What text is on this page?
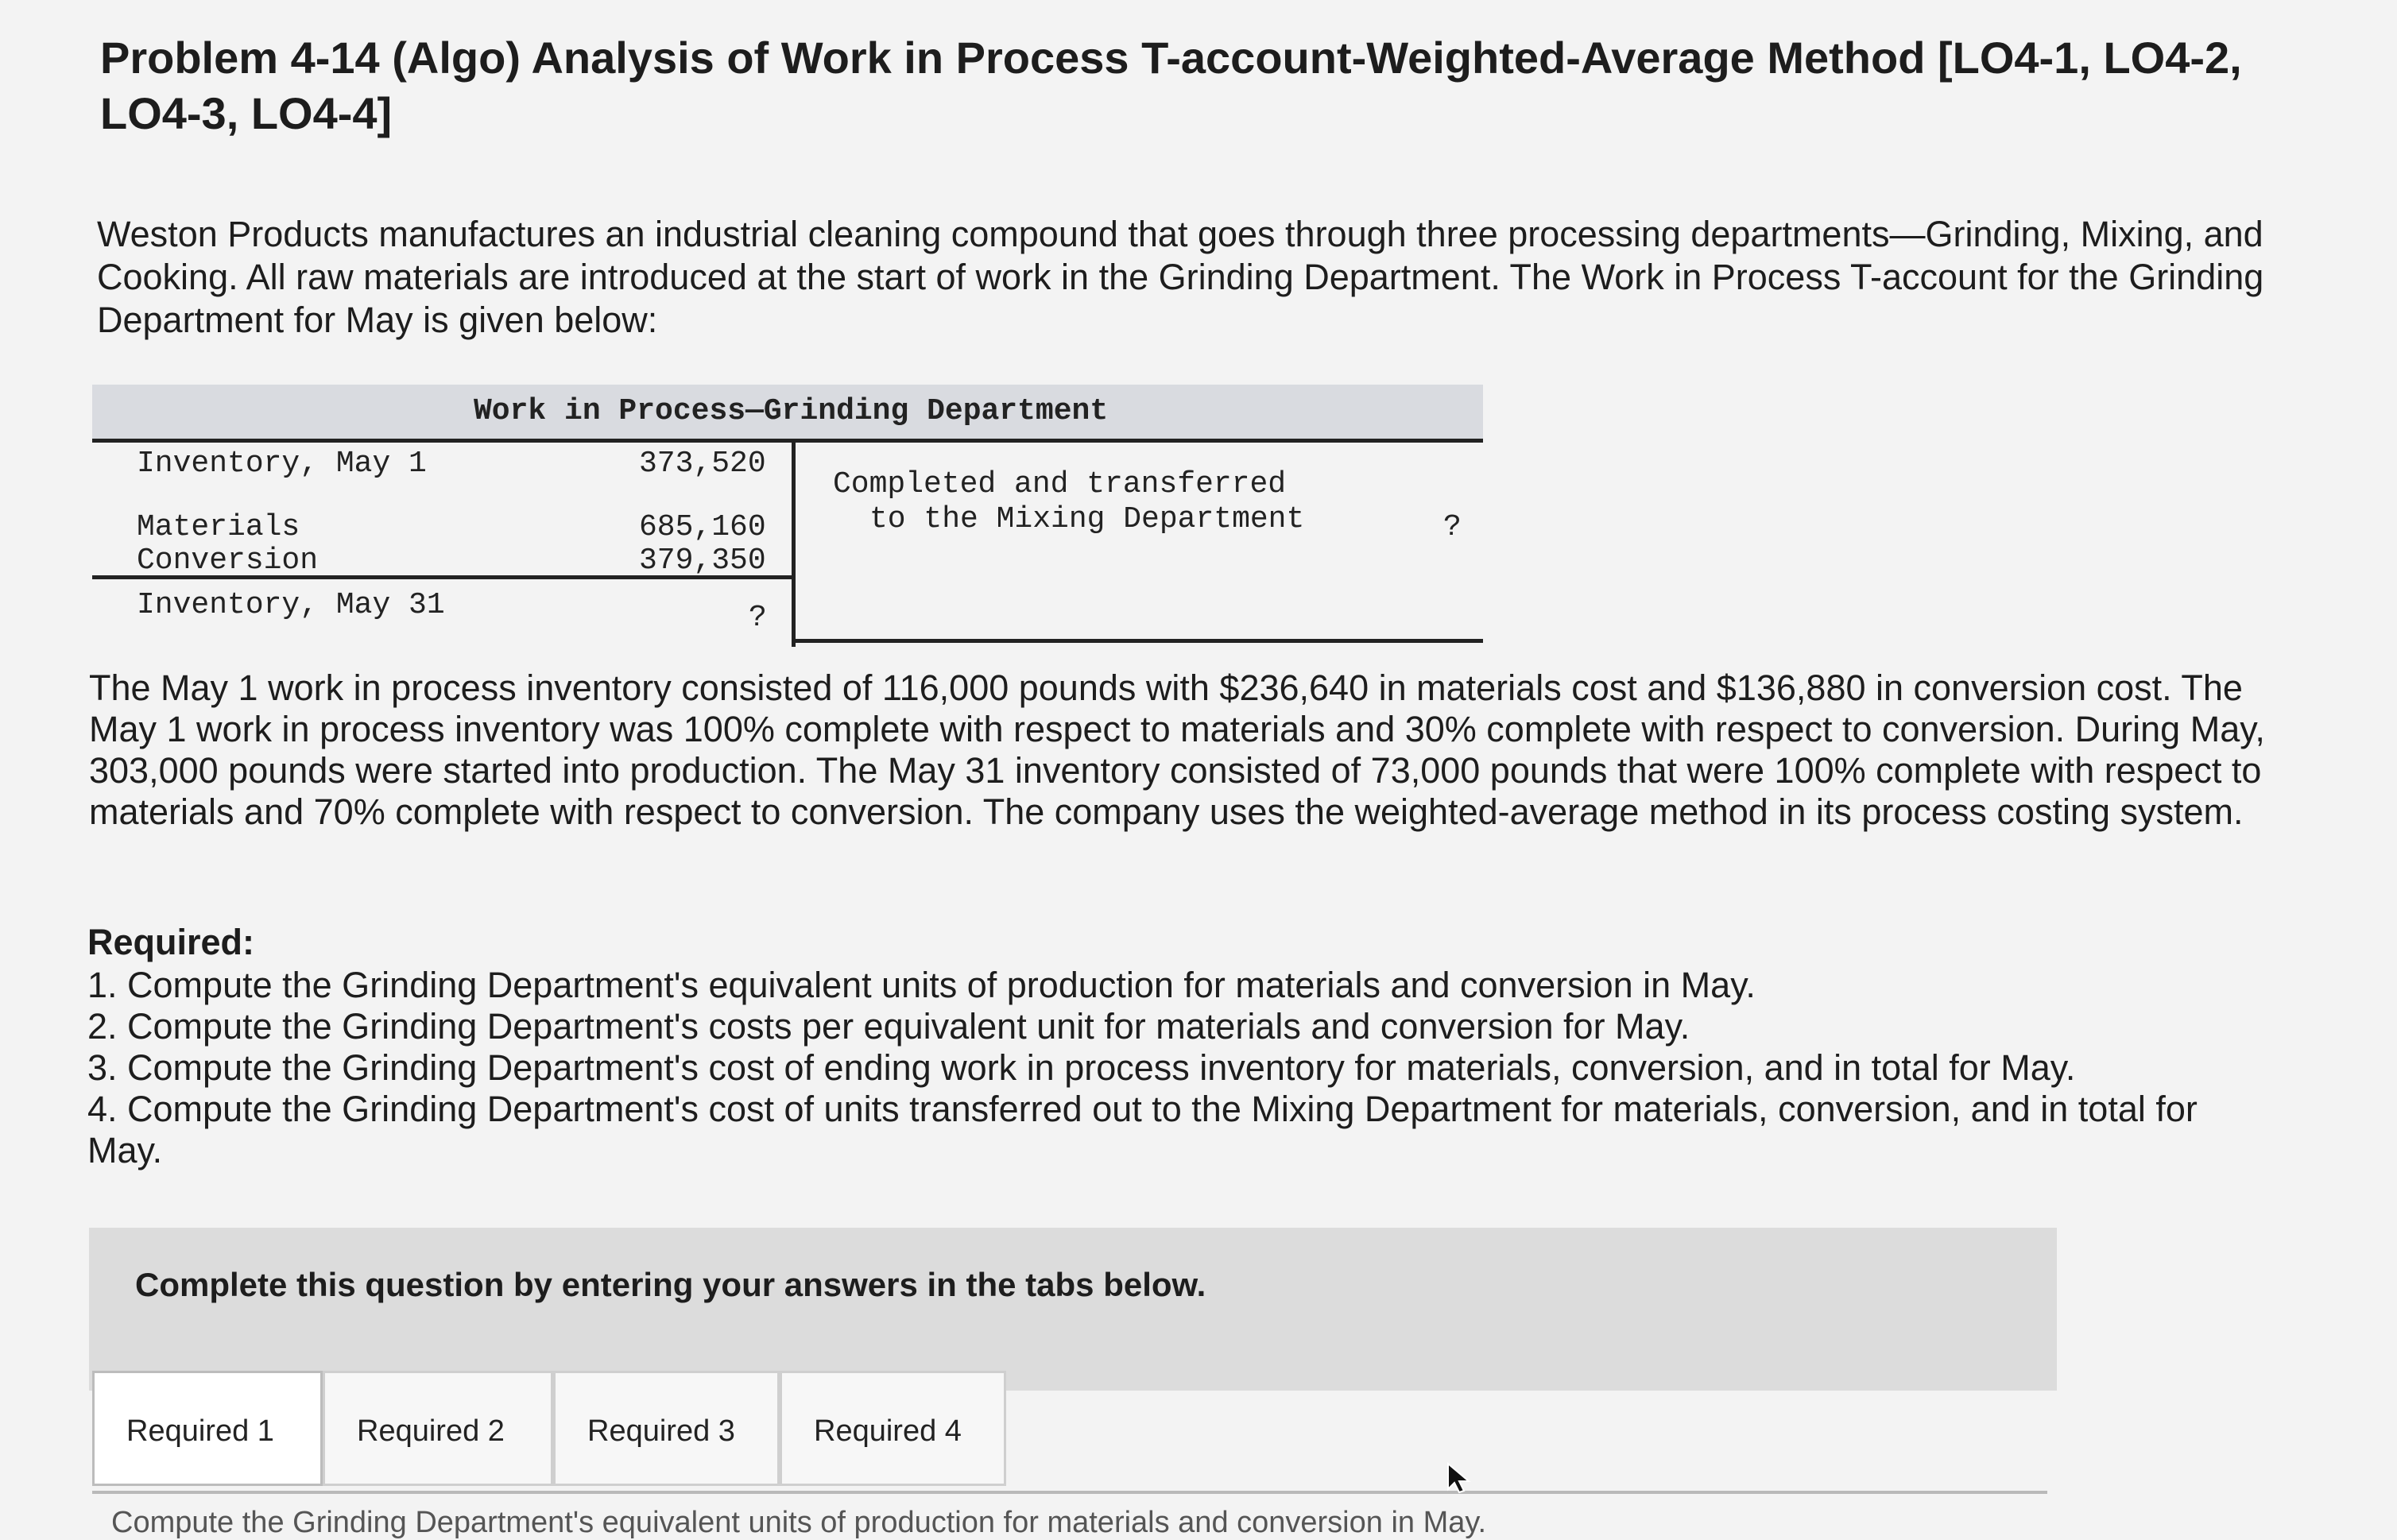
Problem 4-14 (Algo) Analysis of Work in Process T-account-Weighted-Average Method [LO4-1, LO4-2, LO4-3, LO4-4]

Weston Products manufactures an industrial cleaning compound that goes through three processing departments—Grinding, Mixing, and Cooking. All raw materials are introduced at the start of work in the Grinding Department. The Work in Process T-account for the Grinding Department for May is given below:

Work in Process—Grinding Department
Inventory, May 1	373,520
Materials	685,160
Conversion	379,350
Inventory, May 31	?
Completed and transferred
to the Mixing Department	?

The May 1 work in process inventory consisted of 116,000 pounds with $236,640 in materials cost and $136,880 in conversion cost. The May 1 work in process inventory was 100% complete with respect to materials and 30% complete with respect to conversion. During May, 303,000 pounds were started into production. The May 31 inventory consisted of 73,000 pounds that were 100% complete with respect to materials and 70% complete with respect to conversion. The company uses the weighted-average method in its process costing system.

Required:

1. Compute the Grinding Department's equivalent units of production for materials and conversion in May.
2. Compute the Grinding Department's costs per equivalent unit for materials and conversion for May.
3. Compute the Grinding Department's cost of ending work in process inventory for materials, conversion, and in total for May.
4. Compute the Grinding Department's cost of units transferred out to the Mixing Department for materials, conversion, and in total for May.
Complete this question by entering your answers in the tabs below.
Required 1	Required 2	Required 3	Required 4
Compute the Grinding Department's equivalent units of production for materials and conversion in May.
